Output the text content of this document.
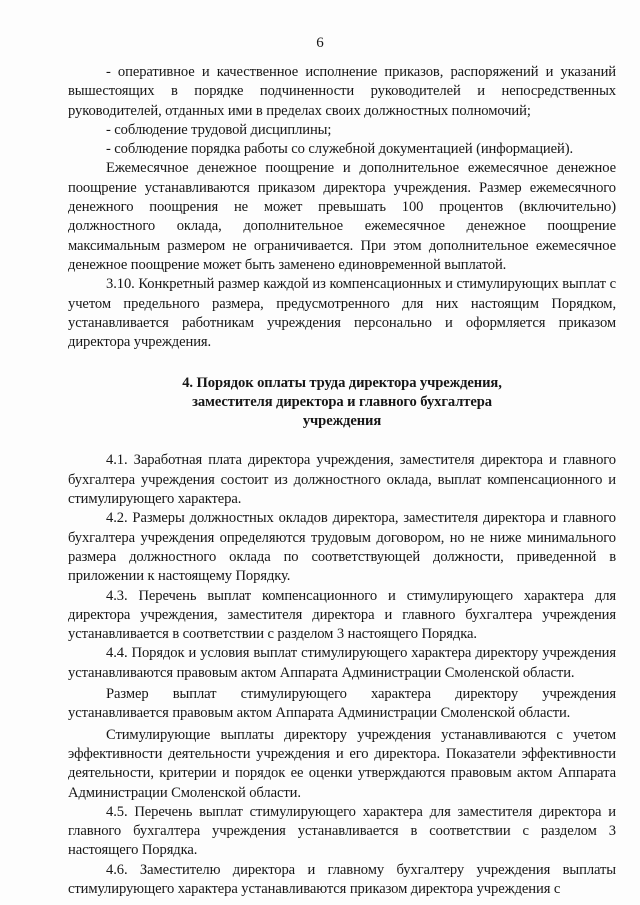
6

- оперативное и качественное исполнение приказов, распоряжений и указаний вышестоящих в порядке подчиненности руководителей и непосредственных руководителей, отданных ими в пределах своих должностных полномочий;

- соблюдение трудовой дисциплины;

- соблюдение порядка работы со служебной документацией (информацией).

Ежемесячное денежное поощрение и дополнительное ежемесячное денежное поощрение устанавливаются приказом директора учреждения. Размер ежемесячного денежного поощрения не может превышать 100 процентов (включительно) должностного оклада, дополнительное ежемесячное денежное поощрение максимальным размером не ограничивается. При этом дополнительное ежемесячное денежное поощрение может быть заменено единовременной выплатой.

3.10. Конкретный размер каждой из компенсационных и стимулирующих выплат с учетом предельного размера, предусмотренного для них настоящим Порядком, устанавливается работникам учреждения персонально и оформляется приказом директора учреждения.

4. Порядок оплаты труда директора учреждения,
заместителя директора и главного бухгалтера
учреждения

4.1. Заработная плата директора учреждения, заместителя директора и главного бухгалтера учреждения состоит из должностного оклада, выплат компенсационного и стимулирующего характера.

4.2. Размеры должностных окладов директора, заместителя директора и главного бухгалтера учреждения определяются трудовым договором, но не ниже минимального размера должностного оклада по соответствующей должности, приведенной в приложении к настоящему Порядку.

4.3. Перечень выплат компенсационного и стимулирующего характера для директора учреждения, заместителя директора и главного бухгалтера учреждения устанавливается в соответствии с разделом 3 настоящего Порядка.

4.4. Порядок и условия выплат стимулирующего характера директору учреждения устанавливаются правовым актом Аппарата Администрации Смоленской области.

Размер выплат стимулирующего характера директору учреждения устанавливается правовым актом Аппарата Администрации Смоленской области.

Стимулирующие выплаты директору учреждения устанавливаются с учетом эффективности деятельности учреждения и его директора. Показатели эффективности деятельности, критерии и порядок ее оценки утверждаются правовым актом Аппарата Администрации Смоленской области.

4.5. Перечень выплат стимулирующего характера для заместителя директора и главного бухгалтера учреждения устанавливается в соответствии с разделом 3 настоящего Порядка.

4.6. Заместителю директора и главному бухгалтеру учреждения выплаты стимулирующего характера устанавливаются приказом директора учреждения с
